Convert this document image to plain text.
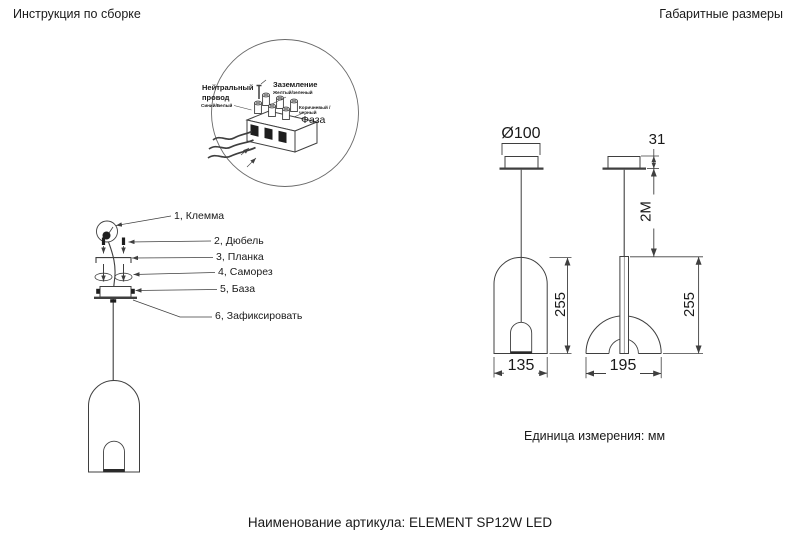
Инструкция по сборке	Габаритные размеры
Нейтральный провод
Синий/Белый
Заземление
Желтый/зеленый
Коричневый /черный
Фаза
1, Клемма
2, Дюбель
3, Планка
4, Саморез
5, База
6, Зафиксировать
Ø100	31
2M
255	255
135	195
Единица измерения: мм
Наименование артикула: ELEMENT SP12W LED
